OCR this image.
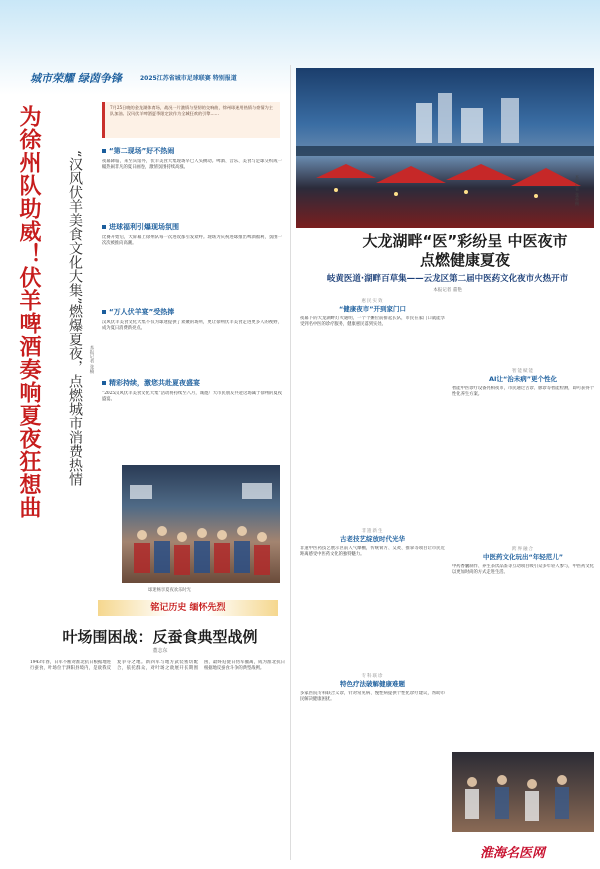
城市荣耀 绿茵争锋	2025江苏省城市足球联赛 特别报道
为徐州队助威！伏羊啤酒奏响夏夜狂想曲	“汉风伏羊美食文化大集”燃爆夏夜，点燃城市消费热情 本报记者 张楠
7月25日晚的金龙湖体育场，战况一片激情与坚韧的交响曲，徐州球迷用热情与豪情为主队加油。汉风伏羊啤酒夏季限定款作为全城狂欢的引擎……
“第二现场”好不热闹
夜幕降临，来至宾馆外，伏羊美食大集现场早已人头攒动。啤酒、音乐、美食与足球交织成一幅热闹非凡的夏日画卷，激情氛围持续高涨。
进球福利引爆现场氛围
比赛开始后，大屏幕上徐州队每一次进攻都引发欢呼。现场为庆祝进球推出啤酒福利，氛围一次次被推向高潮。
“万人伏羊宴”受热捧
汉风伏羊美食文化大集不仅为球迷提供了欢聚的场所，更让徐州伏羊美食走进更多人的视野，成为夏日消费新亮点。
精彩持续，激您共赴夏夜盛宴
“2025汉风伏羊美食文化大集”活动将持续至八月，诚邀广大市民朋友共赴这场属于徐州的夏夜盛宴。
球迷畅享夏夜欢乐时光
铭记历史 缅怀先烈
叶场围困战：反蚕食典型战例
董志东
1943年春，日军不断对淮北抗日根据地进行蚕食，叶场位于泗阳县境内，是敌我反复争夺之地。新四军与地方武装密切配合，依托群众，对叶场之敌展开长期围困，最终迫使日伪军撤离，成为淮北抗日根据地反蚕食斗争的典型战例。
本报记者 张蕊 摄
大龙湖畔“医”彩纷呈 中医夜市点燃健康夏夜
岐黄医道·湖畔百草集——云龙区第二届中医药文化夜市火热开市
本报记者 董艳
惠民实效
“健康夜市”开到家门口
夜幕下的大龙湖畔灯火通明，一个个摊位前排起长队，市民在家门口就能享受到名中医的诊疗服务，健康惠民落到实处。
非遗新生
古老技艺绽放时代光华
非遗中医药技艺展示区前人气爆棚，传统膏方、艾灸、推拿等项目让市民近距离感受中医药文化的独特魅力。
专科联诊
特色疗法破解健康难题
多家医院专科联合义诊，针对常见病、慢性病提供个性化诊疗建议，帮助市民解决健康困扰。
智能赋能
AI让“治未病”更个性化
智能中医诊疗设备亮相夜市，市民通过舌诊、脉诊等智能检测，即可获得个性化养生方案。
跨界融合
中医药文化玩出“年轻范儿”
中药香囊制作、养生茶饮品鉴等互动项目吸引众多年轻人参与，中医药文化以更加时尚的方式走进生活。
淮海名医网
